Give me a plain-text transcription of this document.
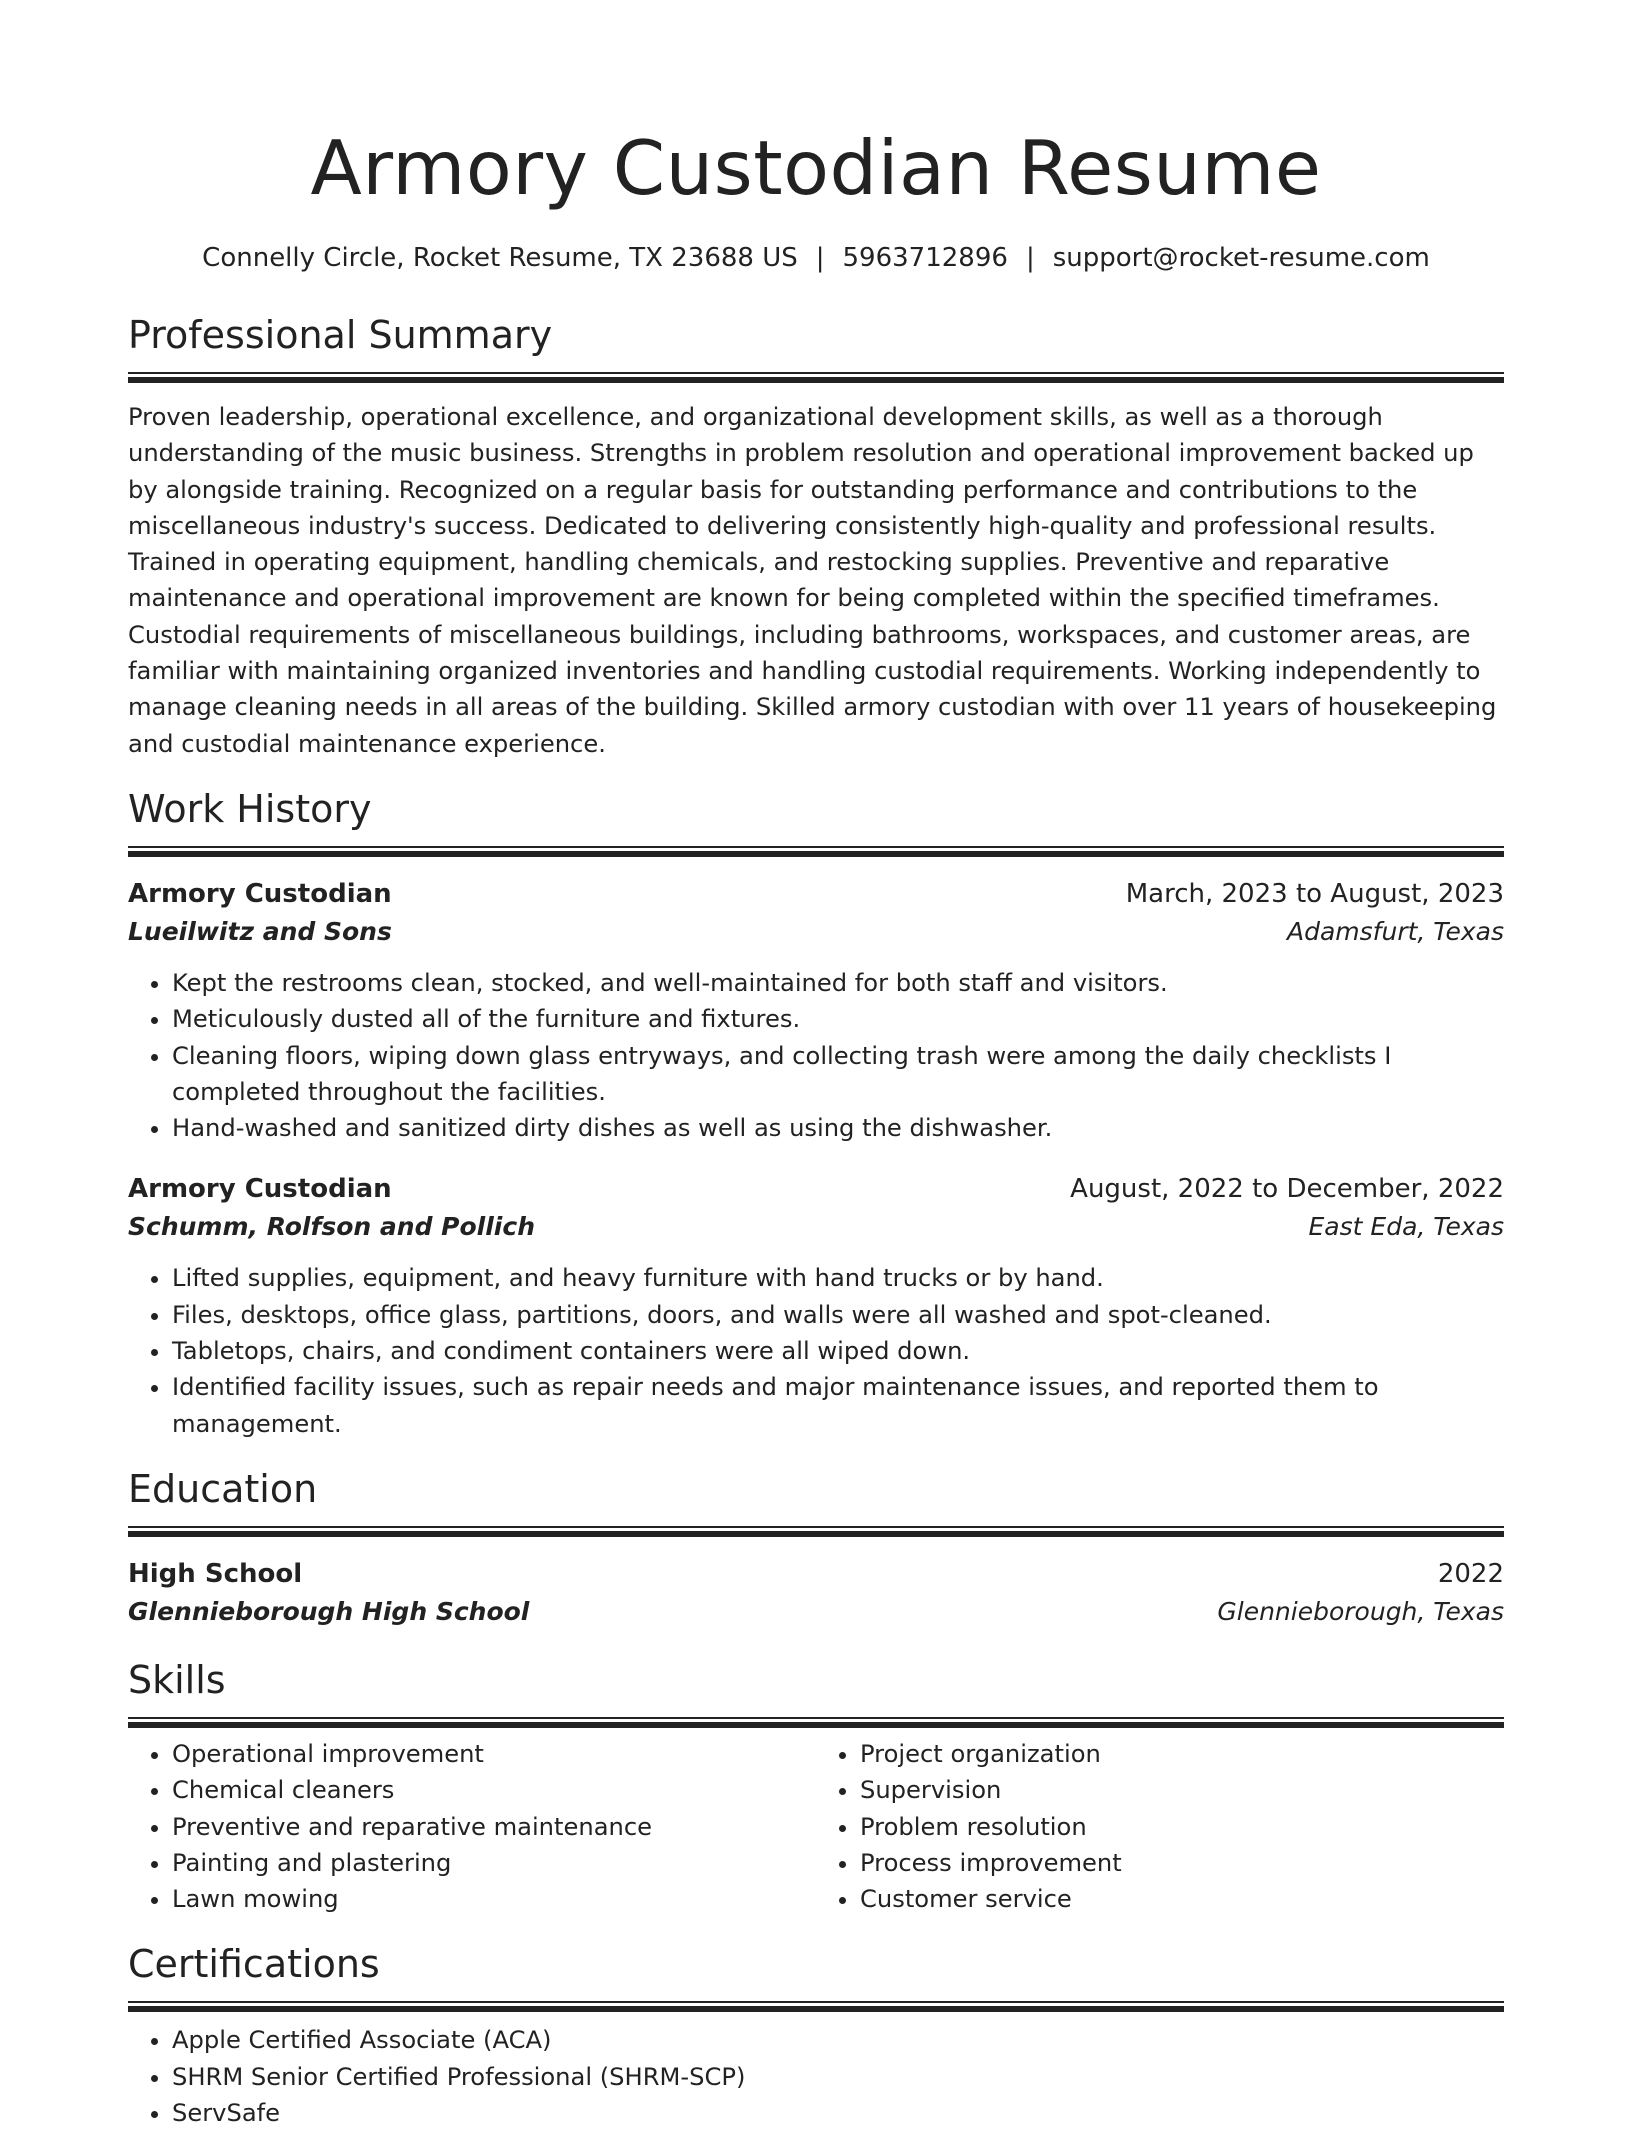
Armory Custodian Resume
Connelly Circle, Rocket Resume, TX 23688 US | 5963712896 | support@rocket-resume.com
Professional Summary
Proven leadership, operational excellence, and organizational development skills, as well as a thorough understanding of the music business. Strengths in problem resolution and operational improvement backed up by alongside training. Recognized on a regular basis for outstanding performance and contributions to the miscellaneous industry's success. Dedicated to delivering consistently high-quality and professional results. Trained in operating equipment, handling chemicals, and restocking supplies. Preventive and reparative maintenance and operational improvement are known for being completed within the specified timeframes. Custodial requirements of miscellaneous buildings, including bathrooms, workspaces, and customer areas, are familiar with maintaining organized inventories and handling custodial requirements. Working independently to manage cleaning needs in all areas of the building. Skilled armory custodian with over 11 years of housekeeping and custodial maintenance experience.
Work History
Armory Custodian	March, 2023 to August, 2023
Lueilwitz and Sons	Adamsfurt, Texas
• Kept the restrooms clean, stocked, and well-maintained for both staff and visitors.
• Meticulously dusted all of the furniture and fixtures.
• Cleaning floors, wiping down glass entryways, and collecting trash were among the daily checklists I completed throughout the facilities.
• Hand-washed and sanitized dirty dishes as well as using the dishwasher.
Armory Custodian	August, 2022 to December, 2022
Schumm, Rolfson and Pollich	East Eda, Texas
• Lifted supplies, equipment, and heavy furniture with hand trucks or by hand.
• Files, desktops, office glass, partitions, doors, and walls were all washed and spot-cleaned.
• Tabletops, chairs, and condiment containers were all wiped down.
• Identified facility issues, such as repair needs and major maintenance issues, and reported them to management.
Education
High School	2022
Glennieborough High School	Glennieborough, Texas
Skills
• Operational improvement
• Chemical cleaners
• Preventive and reparative maintenance
• Painting and plastering
• Lawn mowing
• Project organization
• Supervision
• Problem resolution
• Process improvement
• Customer service
Certifications
• Apple Certified Associate (ACA)
• SHRM Senior Certified Professional (SHRM-SCP)
• ServSafe
